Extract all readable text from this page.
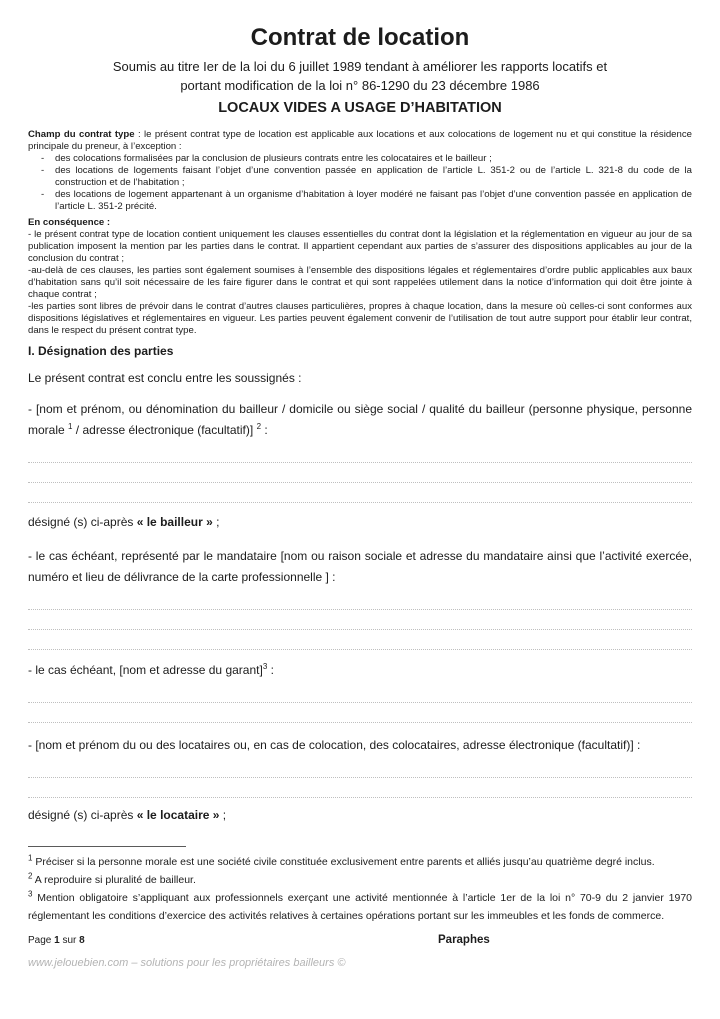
Contrat de location
Soumis au titre Ier de la loi du 6 juillet 1989 tendant à améliorer les rapports locatifs et
portant modification de la loi n° 86-1290 du 23 décembre 1986
LOCAUX VIDES A USAGE D’HABITATION
Champ du contrat type : le présent contrat type de location est applicable aux locations et aux colocations de logement nu et qui constitue la résidence principale du preneur, à l’exception :
- des colocations formalisées par la conclusion de plusieurs contrats entre les colocataires et le bailleur ;
- des locations de logements faisant l’objet d’une convention passée en application de l’article L. 351-2 ou de l’article L. 321-8 du code de la construction et de l’habitation ;
- des locations de logement appartenant à un organisme d’habitation à loyer modéré ne faisant pas l’objet d’une convention passée en application de l’article L. 351-2 précité.
En conséquence :
- le présent contrat type de location contient uniquement les clauses essentielles du contrat dont la législation et la réglementation en vigueur au jour de sa publication imposent la mention par les parties dans le contrat. Il appartient cependant aux parties de s’assurer des dispositions applicables au jour de la conclusion du contrat ;
-au-delà de ces clauses, les parties sont également soumises à l’ensemble des dispositions légales et réglementaires d’ordre public applicables aux baux d’habitation sans qu’il soit nécessaire de les faire figurer dans le contrat et qui sont rappelées utilement dans la notice d’information qui doit être jointe à chaque contrat ;
-les parties sont libres de prévoir dans le contrat d’autres clauses particulières, propres à chaque location, dans la mesure où celles-ci sont conformes aux dispositions législatives et réglementaires en vigueur. Les parties peuvent également convenir de l’utilisation de tout autre support pour établir leur contrat, dans le respect du présent contrat type.
I. Désignation des parties
Le présent contrat est conclu entre les soussignés :
- [nom et prénom, ou dénomination du bailleur / domicile ou siège social / qualité du bailleur (personne physique, personne morale $^1$ / adresse électronique (facultatif)] $^2$ :
désigné (s) ci-après « le bailleur » ;
- le cas échéant, représenté par le mandataire [nom ou raison sociale et adresse du mandataire ainsi que l’activité exercée, numéro et lieu de délivrance de la carte professionnelle ] :
- le cas échéant, [nom et adresse du garant]$^3$ :
- [nom et prénom du ou des locataires ou, en cas de colocation, des colocataires, adresse électronique (facultatif)] :
désigné (s) ci-après « le locataire » ;
$^1$ Préciser si la personne morale est une société civile constituée exclusivement entre parents et alliés jusqu’au quatrième degré inclus.
$^2$ A reproduire si pluralité de bailleur.
$^3$ Mention obligatoire s’appliquant aux professionnels exerçant une activité mentionnée à l’article 1er de la loi n° 70-9 du 2 janvier 1970 réglementant les conditions d’exercice des activités relatives à certaines opérations portant sur les immeubles et les fonds de commerce.
Page 1 sur 8	Paraphes
www.jelouebien.com – solutions pour les propriétaires bailleurs ©
